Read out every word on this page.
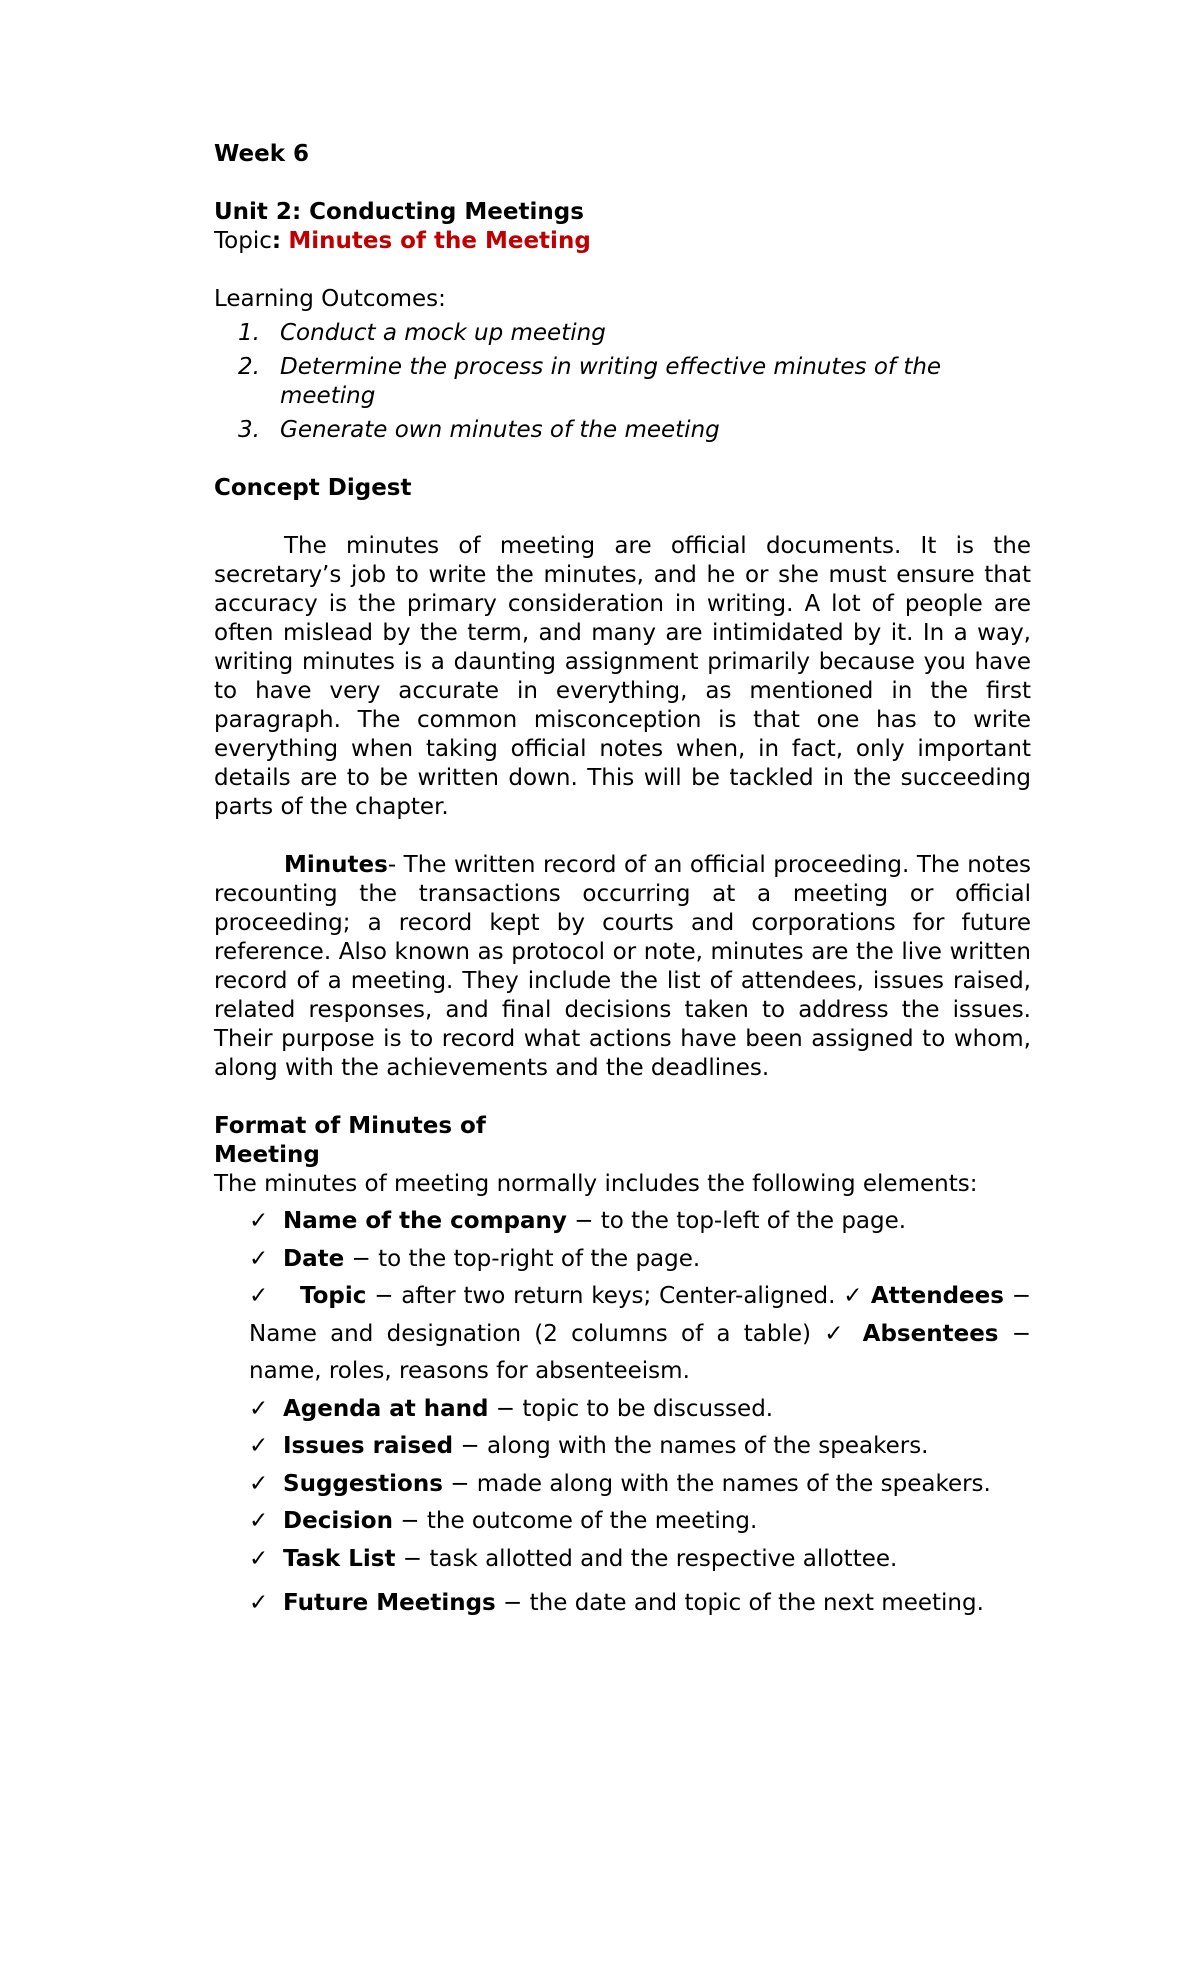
Week 6
Unit 2: Conducting Meetings
Topic: Minutes of the Meeting
Learning Outcomes:
1. Conduct a mock up meeting
2. Determine the process in writing effective minutes of the meeting
3. Generate own minutes of the meeting
Concept Digest

The minutes of meeting are official documents. It is the secretary’s job to write the minutes, and he or she must ensure that accuracy is the primary consideration in writing. A lot of people are often mislead by the term, and many are intimidated by it. In a way, writing minutes is a daunting assignment primarily because you have to have very accurate in everything, as mentioned in the first paragraph. The common misconception is that one has to write everything when taking official notes when, in fact, only important details are to be written down. This will be tackled in the succeeding parts of the chapter.

Minutes- The written record of an official proceeding. The notes recounting the transactions occurring at a meeting or official proceeding; a record kept by courts and corporations for future reference. Also known as protocol or note, minutes are the live written record of a meeting. They include the list of attendees, issues raised, related responses, and final decisions taken to address the issues. Their purpose is to record what actions have been assigned to whom, along with the achievements and the deadlines.

Format of Minutes of Meeting
The minutes of meeting normally includes the following elements:
✓ Name of the company − to the top-left of the page.
✓ Date − to the top-right of the page.
✓ Topic − after two return keys; Center-aligned. ✓ Attendees − Name and designation (2 columns of a table) ✓ Absentees − name, roles, reasons for absenteeism.
✓ Agenda at hand − topic to be discussed.
✓ Issues raised − along with the names of the speakers.
✓ Suggestions − made along with the names of the speakers.
✓ Decision − the outcome of the meeting.
✓ Task List − task allotted and the respective allottee.
✓ Future Meetings − the date and topic of the next meeting.
